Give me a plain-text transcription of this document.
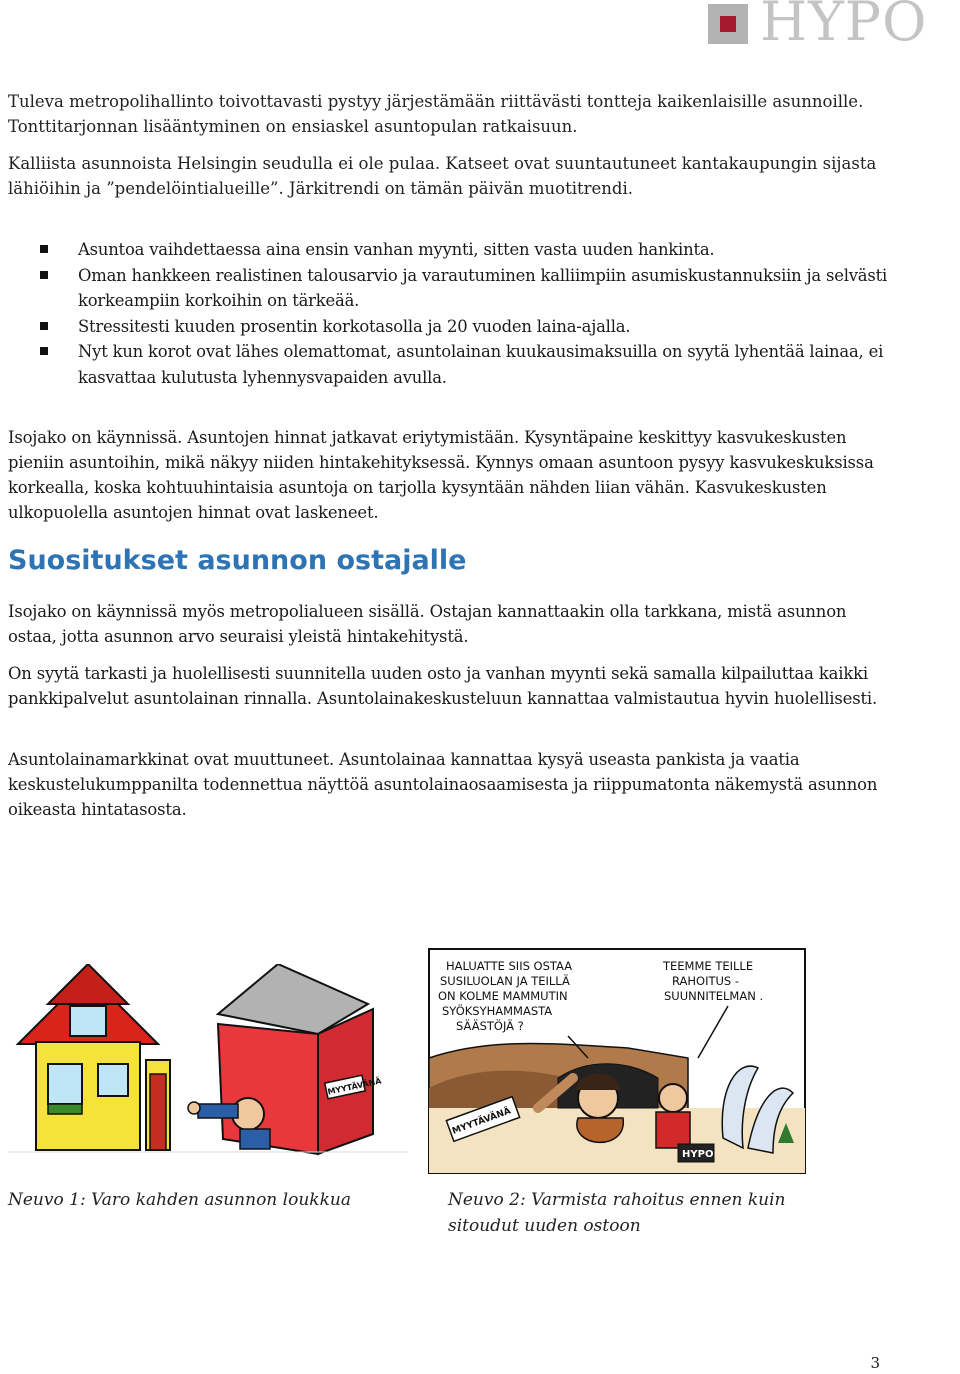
HYPO

Tuleva metropolihallinto toivottavasti pystyy järjestämään riittävästi tontteja kaikenlaisille asunnoille. Tonttitarjonnan lisääntyminen on ensiaskel asuntopulan ratkaisuun.

Kalliista asunnoista Helsingin seudulla ei ole pulaa. Katseet ovat suuntautuneet kantakaupungin sijasta lähiöihin ja ”pendelöintialueille”. Järkitrendi on tämän päivän muotitrendi.

Asuntoa vaihdettaessa aina ensin vanhan myynti, sitten vasta uuden hankinta.
Oman hankkeen realistinen talousarvio ja varautuminen kalliimpiin asumiskustannuksiin ja selvästi korkeampiin korkoihin on tärkeää.
Stressitesti kuuden prosentin korkotasolla ja 20 vuoden laina-ajalla.
Nyt kun korot ovat lähes olemattomat, asuntolainan kuukausimaksuilla on syytä lyhentää lainaa, ei kasvattaa kulutusta lyhennysvapaiden avulla.

Isojako on käynnissä. Asuntojen hinnat jatkavat eriytymistään. Kysyntäpaine keskittyy kasvukeskusten pieniin asuntoihin, mikä näkyy niiden hintakehityksessä. Kynnys omaan asuntoon pysyy kasvukeskuksissa korkealla, koska kohtuuhintaisia asuntoja on tarjolla kysyntään nähden liian vähän. Kasvukeskusten ulkopuolella asuntojen hinnat ovat laskeneet.

Suositukset asunnon ostajalle

Isojako on käynnissä myös metropolialueen sisällä. Ostajan kannattaakin olla tarkkana, mistä asunnon ostaa, jotta asunnon arvo seuraisi yleistä hintakehitystä.

On syytä tarkasti ja huolellisesti suunnitella uuden osto ja vanhan myynti sekä samalla kilpailuttaa kaikki pankkipalvelut asuntolainan rinnalla. Asuntolainakeskusteluun kannattaa valmistautua hyvin huolellisesti.

Asuntolainamarkkinat ovat muuttuneet. Asuntolainaa kannattaa kysyä useasta pankista ja vaatia keskustelukumppanilta todennettua näyttöä asuntolainaosaamisesta ja riippumatonta näkemystä asunnon oikeasta hintatasosta.

MYYTÄVÄNÄ
MYYTÄVÄNÄ
HYPO
HALUATTE SIIS OSTAA
SUSILUOLAN JA TEILLÄ
ON KOLME MAMMUTIN
SYÖKSYHAMMASTA
SÄÄSTÖJÄ ?
TEEMME TEILLE
RAHOITUS -
SUUNNITELMAN .

Neuvo 1: Varo kahden asunnon loukkua	Neuvo 2: Varmista rahoitus ennen kuin sitoudut uuden ostoon

3
